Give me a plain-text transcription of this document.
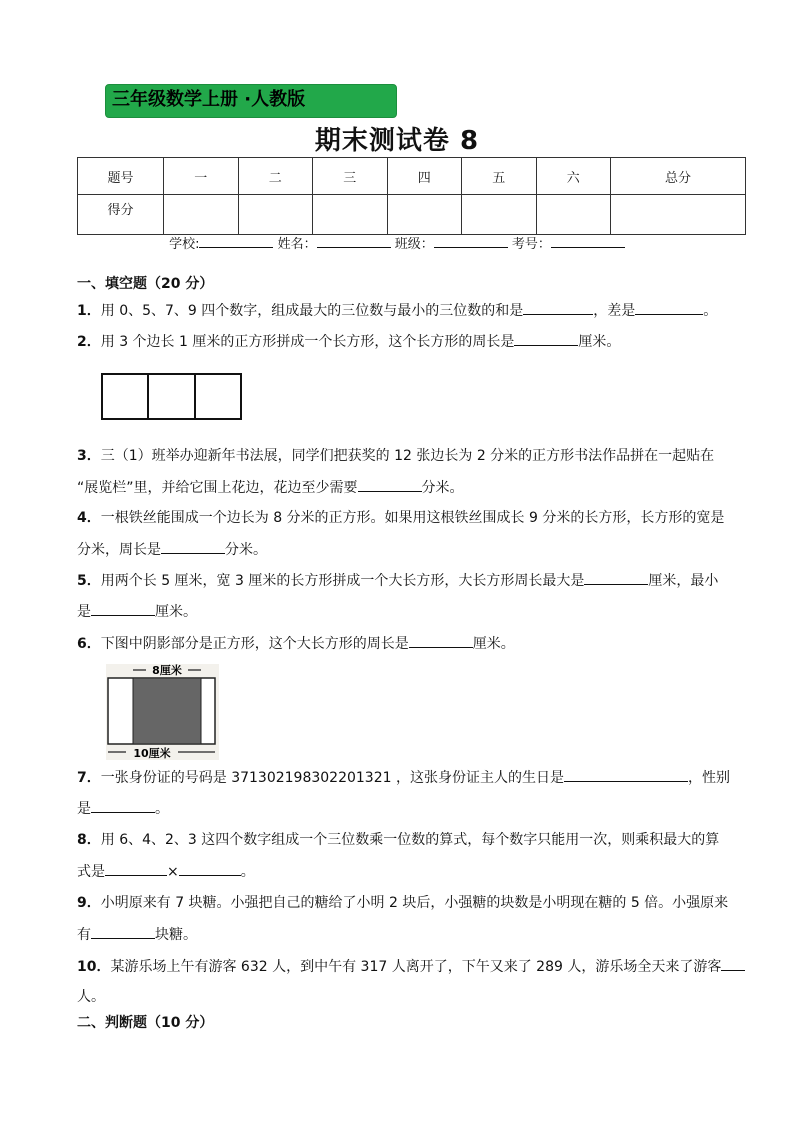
三年级数学上册 ·人教版
期末测试卷 8
题号	一	二	三	四	五	六	总分
得分							
学校:	姓名：	班级：	考号：
一、填空题（20 分）
1．用 0、5、7、9 四个数字，组成最大的三位数与最小的三位数的和是	，差是	。
2．用 3 个边长 1 厘米的正方形拼成一个长方形，这个长方形的周长是	厘米。
3．三（1）班举办迎新年书法展，同学们把获奖的 12 张边长为 2 分米的正方形书法作品拼在一起贴在
“展览栏”里，并给它围上花边，花边至少需要	分米。
4．一根铁丝能围成一个边长为 8 分米的正方形。如果用这根铁丝围成长 9 分米的长方形，长方形的宽是
分米，周长是	分米。
5．用两个长 5 厘米，宽 3 厘米的长方形拼成一个大长方形，大长方形周长最大是	厘米，最小
是	厘米。
6．下图中阴影部分是正方形，这个大长方形的周长是	厘米。
8厘米
10厘米
7．一张身份证的号码是 371302198302201321 ，这张身份证主人的生日是	，性别
是	。
8．用 6、4、2、3 这四个数字组成一个三位数乘一位数的算式，每个数字只能用一次，则乘积最大的算
式是	×	。
9．小明原来有 7 块糖。小强把自己的糖给了小明 2 块后，小强糖的块数是小明现在糖的 5 倍。小强原来
有	块糖。
10．某游乐场上午有游客 632 人，到中午有 317 人离开了，下午又来了 289 人，游乐场全天来了游客
人。
二、判断题（10 分）
